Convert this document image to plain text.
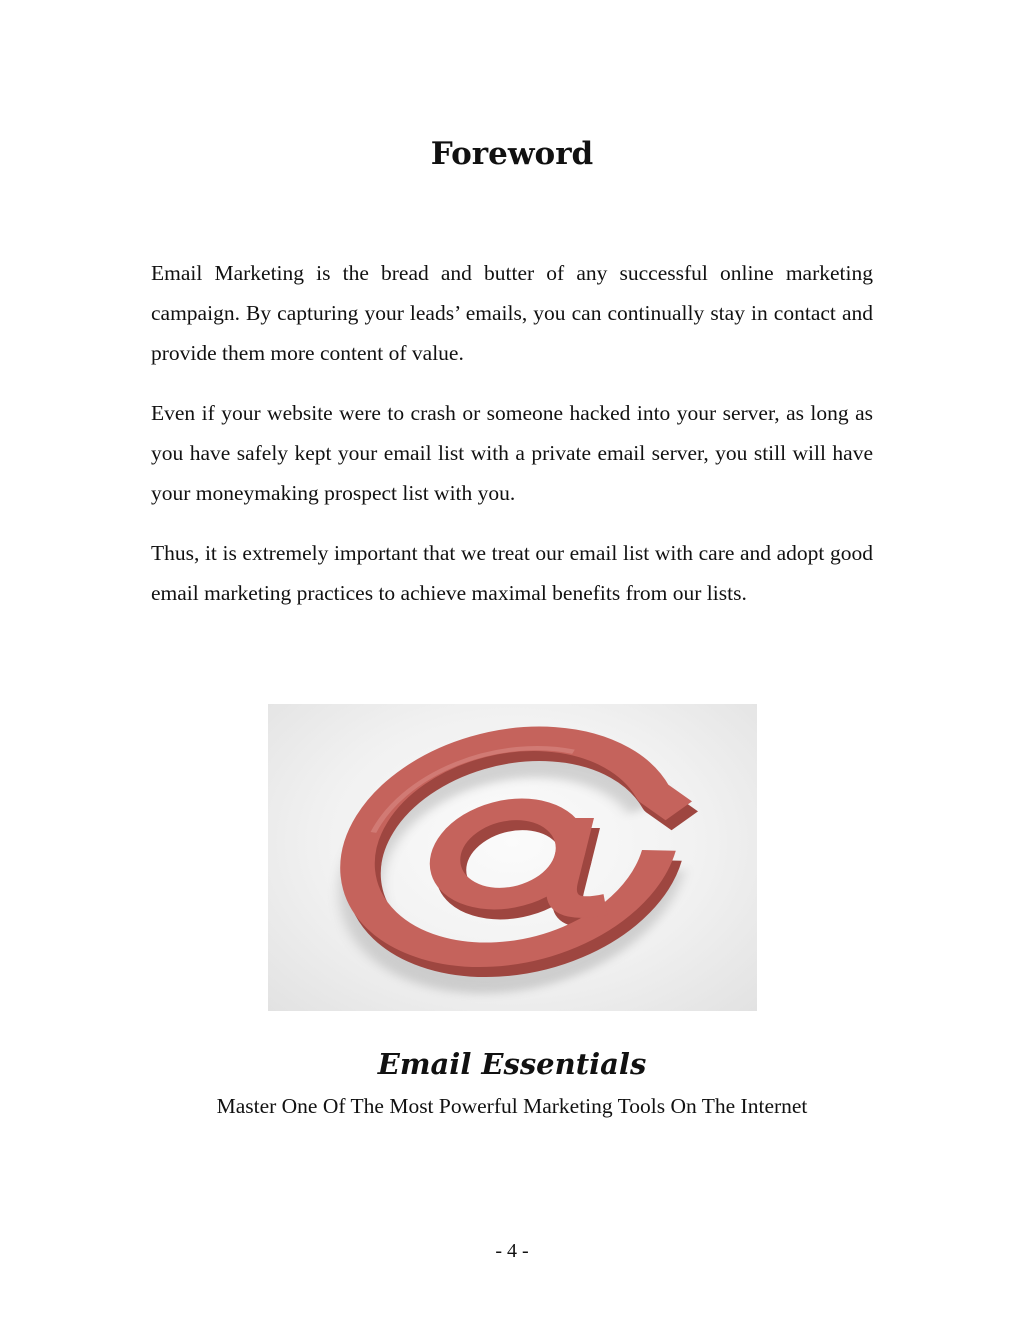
Foreword

Email Marketing is the bread and butter of any successful online marketing campaign. By capturing your leads’ emails, you can continually stay in contact and provide them more content of value.

Even if your website were to crash or someone hacked into your server, as long as you have safely kept your email list with a private email server, you still will have your moneymaking prospect list with you.

Thus, it is extremely important that we treat our email list with care and adopt good email marketing practices to achieve maximal benefits from our lists.

Email Essentials

Master One Of The Most Powerful Marketing Tools On The Internet

- 4 -
